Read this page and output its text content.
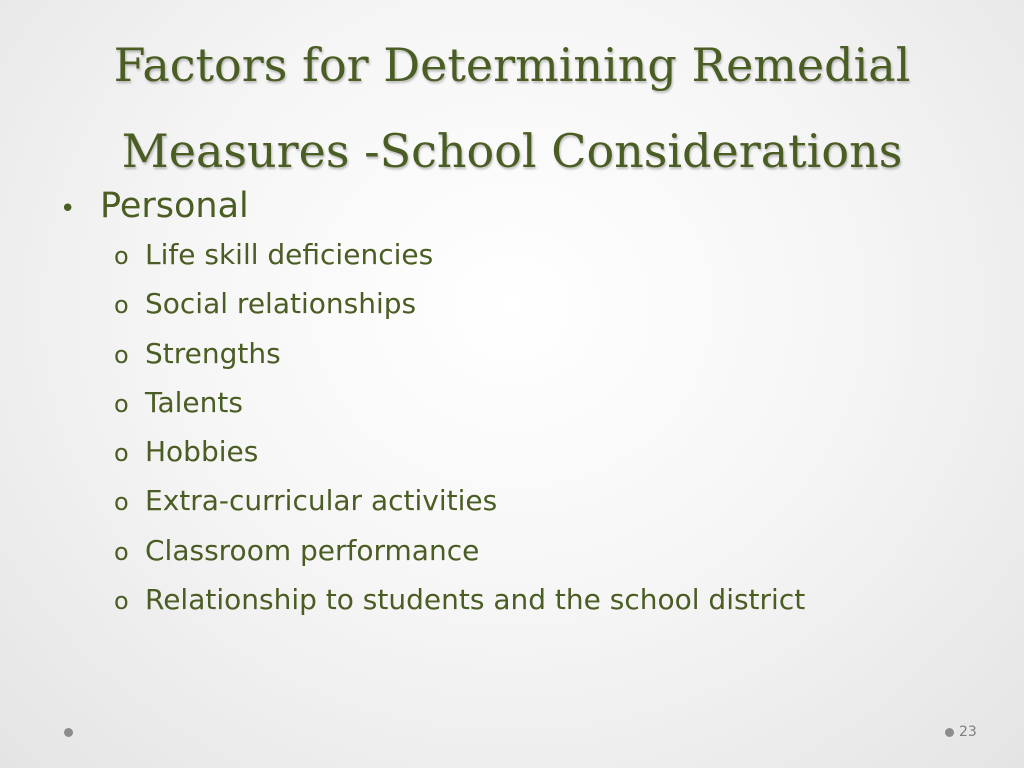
Factors for Determining Remedial
Measures -School Considerations
• Personal
o Life skill deficiencies
o Social relationships
o Strengths
o Talents
o Hobbies
o Extra-curricular activities
o Classroom performance
o Relationship to students and the school district
23
